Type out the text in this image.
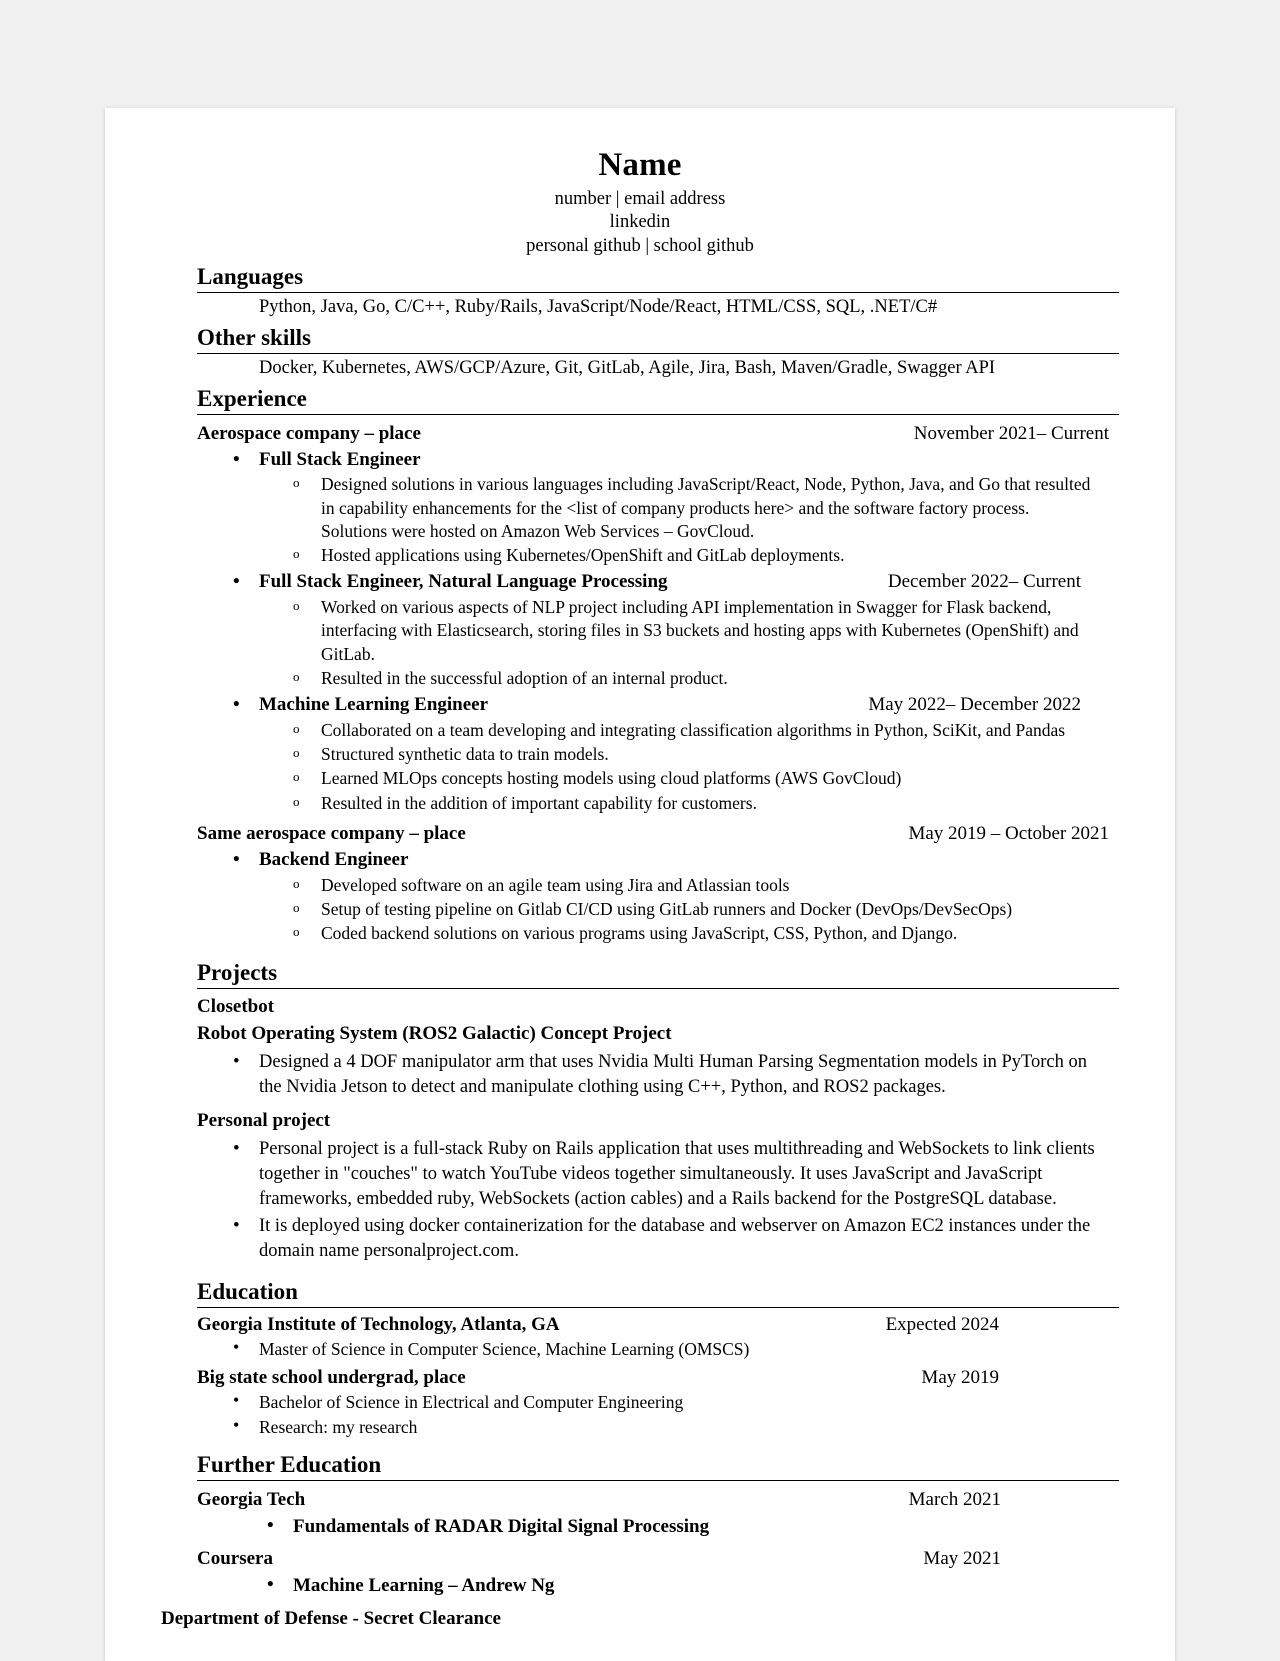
Name
number | email address
linkedin
personal github | school github
Languages
Python, Java, Go, C/C++, Ruby/Rails, JavaScript/Node/React, HTML/CSS, SQL, .NET/C#
Other skills
Docker, Kubernetes, AWS/GCP/Azure, Git, GitLab, Agile, Jira, Bash, Maven/Gradle, Swagger API
Experience
Aerospace company – place	November 2021– Current
• Full Stack Engineer
o Designed solutions in various languages including JavaScript/React, Node, Python, Java, and Go that resulted in capability enhancements for the <list of company products here> and the software factory process. Solutions were hosted on Amazon Web Services – GovCloud.
o Hosted applications using Kubernetes/OpenShift and GitLab deployments.
• Full Stack Engineer, Natural Language Processing	December 2022– Current
o Worked on various aspects of NLP project including API implementation in Swagger for Flask backend, interfacing with Elasticsearch, storing files in S3 buckets and hosting apps with Kubernetes (OpenShift) and GitLab.
o Resulted in the successful adoption of an internal product.
• Machine Learning Engineer	May 2022– December 2022
o Collaborated on a team developing and integrating classification algorithms in Python, SciKit, and Pandas
o Structured synthetic data to train models.
o Learned MLOps concepts hosting models using cloud platforms (AWS GovCloud)
o Resulted in the addition of important capability for customers.
Same aerospace company – place	May 2019 – October 2021
• Backend Engineer
o Developed software on an agile team using Jira and Atlassian tools
o Setup of testing pipeline on Gitlab CI/CD using GitLab runners and Docker (DevOps/DevSecOps)
o Coded backend solutions on various programs using JavaScript, CSS, Python, and Django.
Projects
Closetbot
Robot Operating System (ROS2 Galactic) Concept Project
• Designed a 4 DOF manipulator arm that uses Nvidia Multi Human Parsing Segmentation models in PyTorch on the Nvidia Jetson to detect and manipulate clothing using C++, Python, and ROS2 packages.
Personal project
• Personal project is a full-stack Ruby on Rails application that uses multithreading and WebSockets to link clients together in "couches" to watch YouTube videos together simultaneously. It uses JavaScript and JavaScript frameworks, embedded ruby, WebSockets (action cables) and a Rails backend for the PostgreSQL database.
• It is deployed using docker containerization for the database and webserver on Amazon EC2 instances under the domain name personalproject.com.
Education
Georgia Institute of Technology, Atlanta, GA	Expected 2024
• Master of Science in Computer Science, Machine Learning (OMSCS)
Big state school undergrad, place	May 2019
• Bachelor of Science in Electrical and Computer Engineering
• Research: my research
Further Education
Georgia Tech	March 2021
• Fundamentals of RADAR Digital Signal Processing
Coursera	May 2021
• Machine Learning – Andrew Ng
Department of Defense - Secret Clearance
